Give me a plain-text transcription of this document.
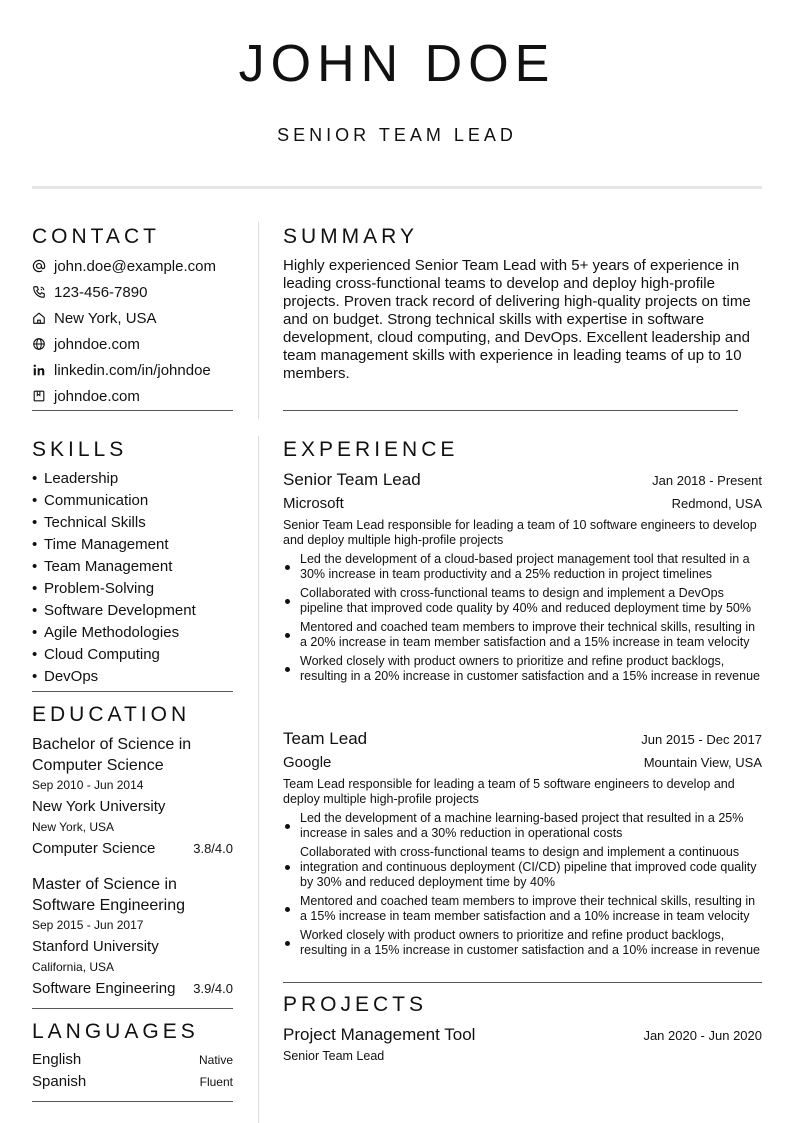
JOHN DOE
SENIOR TEAM LEAD
CONTACT
john.doe@example.com
123-456-7890
New York, USA
johndoe.com
linkedin.com/in/johndoe
johndoe.com
SKILLS
• Leadership
• Communication
• Technical Skills
• Time Management
• Team Management
• Problem-Solving
• Software Development
• Agile Methodologies
• Cloud Computing
• DevOps
EDUCATION
Bachelor of Science in Computer Science
Sep 2010 - Jun 2014
New York University
New York, USA
Computer Science	3.8/4.0
Master of Science in Software Engineering
Sep 2015 - Jun 2017
Stanford University
California, USA
Software Engineering 3.9/4.0
LANGUAGES
English	Native
Spanish	Fluent
SUMMARY
Highly experienced Senior Team Lead with 5+ years of experience in leading cross-functional teams to develop and deploy high-profile projects. Proven track record of delivering high-quality projects on time and on budget. Strong technical skills with expertise in software development, cloud computing, and DevOps. Excellent leadership and team management skills with experience in leading teams of up to 10 members.
EXPERIENCE
Senior Team Lead	Jan 2018 - Present
Microsoft	Redmond, USA
Senior Team Lead responsible for leading a team of 10 software engineers to develop and deploy multiple high-profile projects
Led the development of a cloud-based project management tool that resulted in a 30% increase in team productivity and a 25% reduction in project timelines
Collaborated with cross-functional teams to design and implement a DevOps pipeline that improved code quality by 40% and reduced deployment time by 50%
Mentored and coached team members to improve their technical skills, resulting in a 20% increase in team member satisfaction and a 15% increase in team velocity
Worked closely with product owners to prioritize and refine product backlogs, resulting in a 20% increase in customer satisfaction and a 15% increase in revenue
Team Lead	Jun 2015 - Dec 2017
Google	Mountain View, USA
Team Lead responsible for leading a team of 5 software engineers to develop and deploy multiple high-profile projects
Led the development of a machine learning-based project that resulted in a 25% increase in sales and a 30% reduction in operational costs
Collaborated with cross-functional teams to design and implement a continuous integration and continuous deployment (CI/CD) pipeline that improved code quality by 30% and reduced deployment time by 40%
Mentored and coached team members to improve their technical skills, resulting in a 15% increase in team member satisfaction and a 10% increase in team velocity
Worked closely with product owners to prioritize and refine product backlogs, resulting in a 15% increase in customer satisfaction and a 10% increase in revenue
PROJECTS
Project Management Tool	Jan 2020 - Jun 2020
Senior Team Lead
